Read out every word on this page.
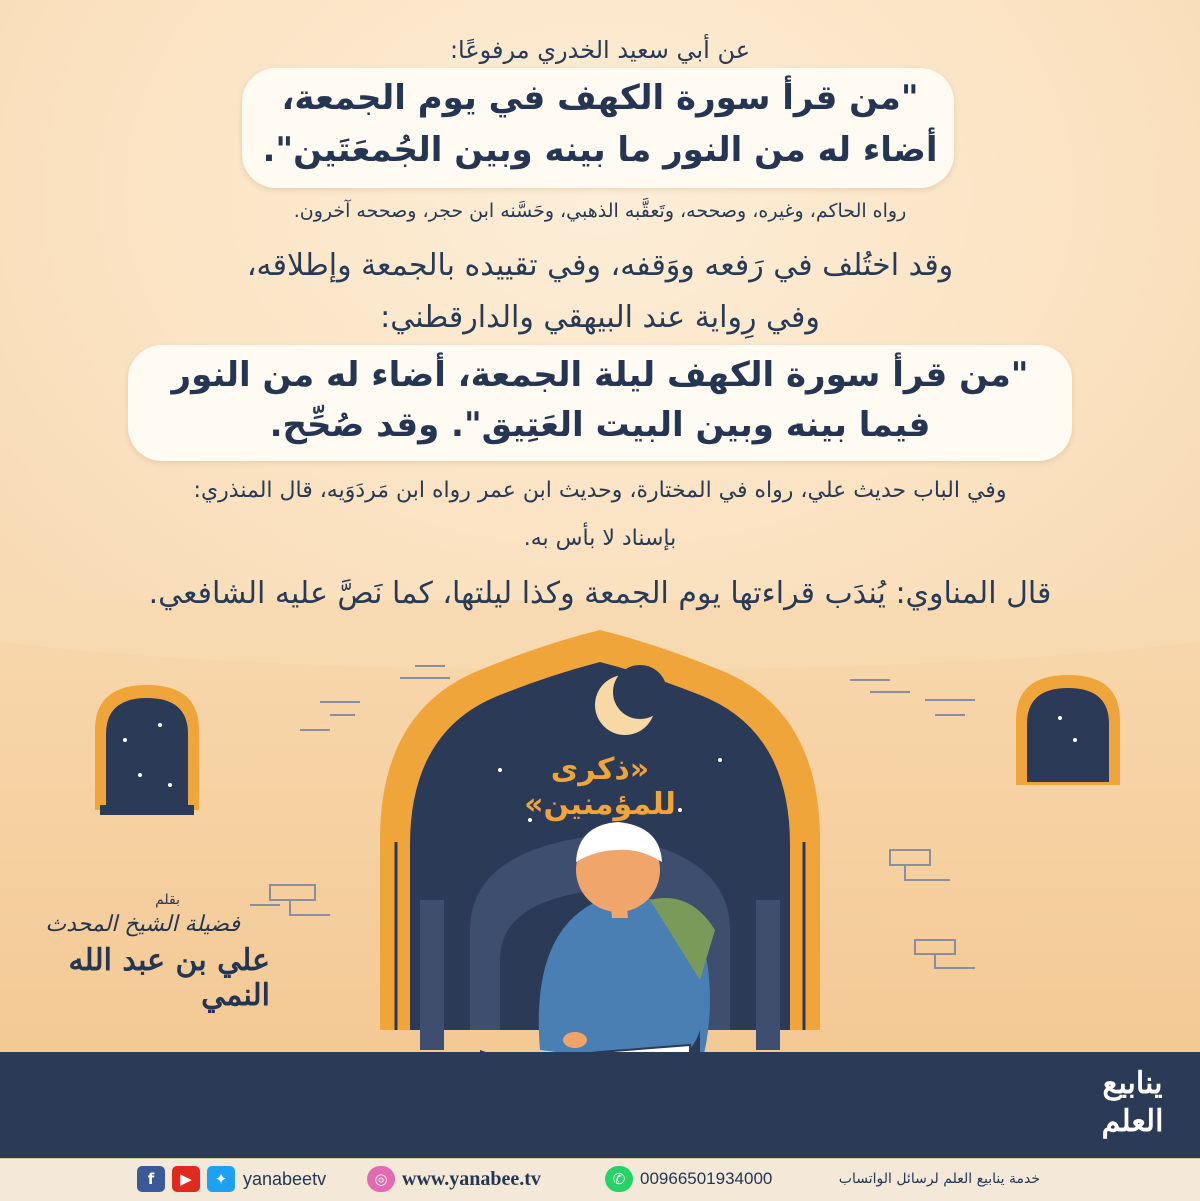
عن أبي سعيد الخدري مرفوعًا:
"من قرأ سورة الكهف في يوم الجمعة،
أضاء له من النور ما بينه وبين الجُمعَتَين".
رواه الحاكم، وغيره، وصححه، وتَعقَّبه الذهبي، وحَسَّنه ابن حجر، وصححه آخرون.
وقد اختُلف في رَفعه ووَقفه، وفي تقييده بالجمعة وإطلاقه،
وفي رِواية عند البيهقي والدارقطني:
"من قرأ سورة الكهف ليلة الجمعة، أضاء له من النور
فيما بينه وبين البيت العَتِيق". وقد صُحِّح.
وفي الباب حديث علي، رواه في المختارة، وحديث ابن عمر رواه ابن مَردَوَيه، قال المنذري:
بإسناد لا بأس به.
قال المناوي: يُندَب قراءتها يوم الجمعة وكذا ليلتها، كما نَصَّ عليه الشافعي.
«ذكرى للمؤمنين»
بقلم
فضيلة الشيخ المحدث
علي بن عبد الله النمي
ينابيع العلم
f	▶	✦ yanabeetv	◎ www.yanabee.tv	✆ 00966501934000	خدمة ينابيع العلم لرسائل الواتساب
